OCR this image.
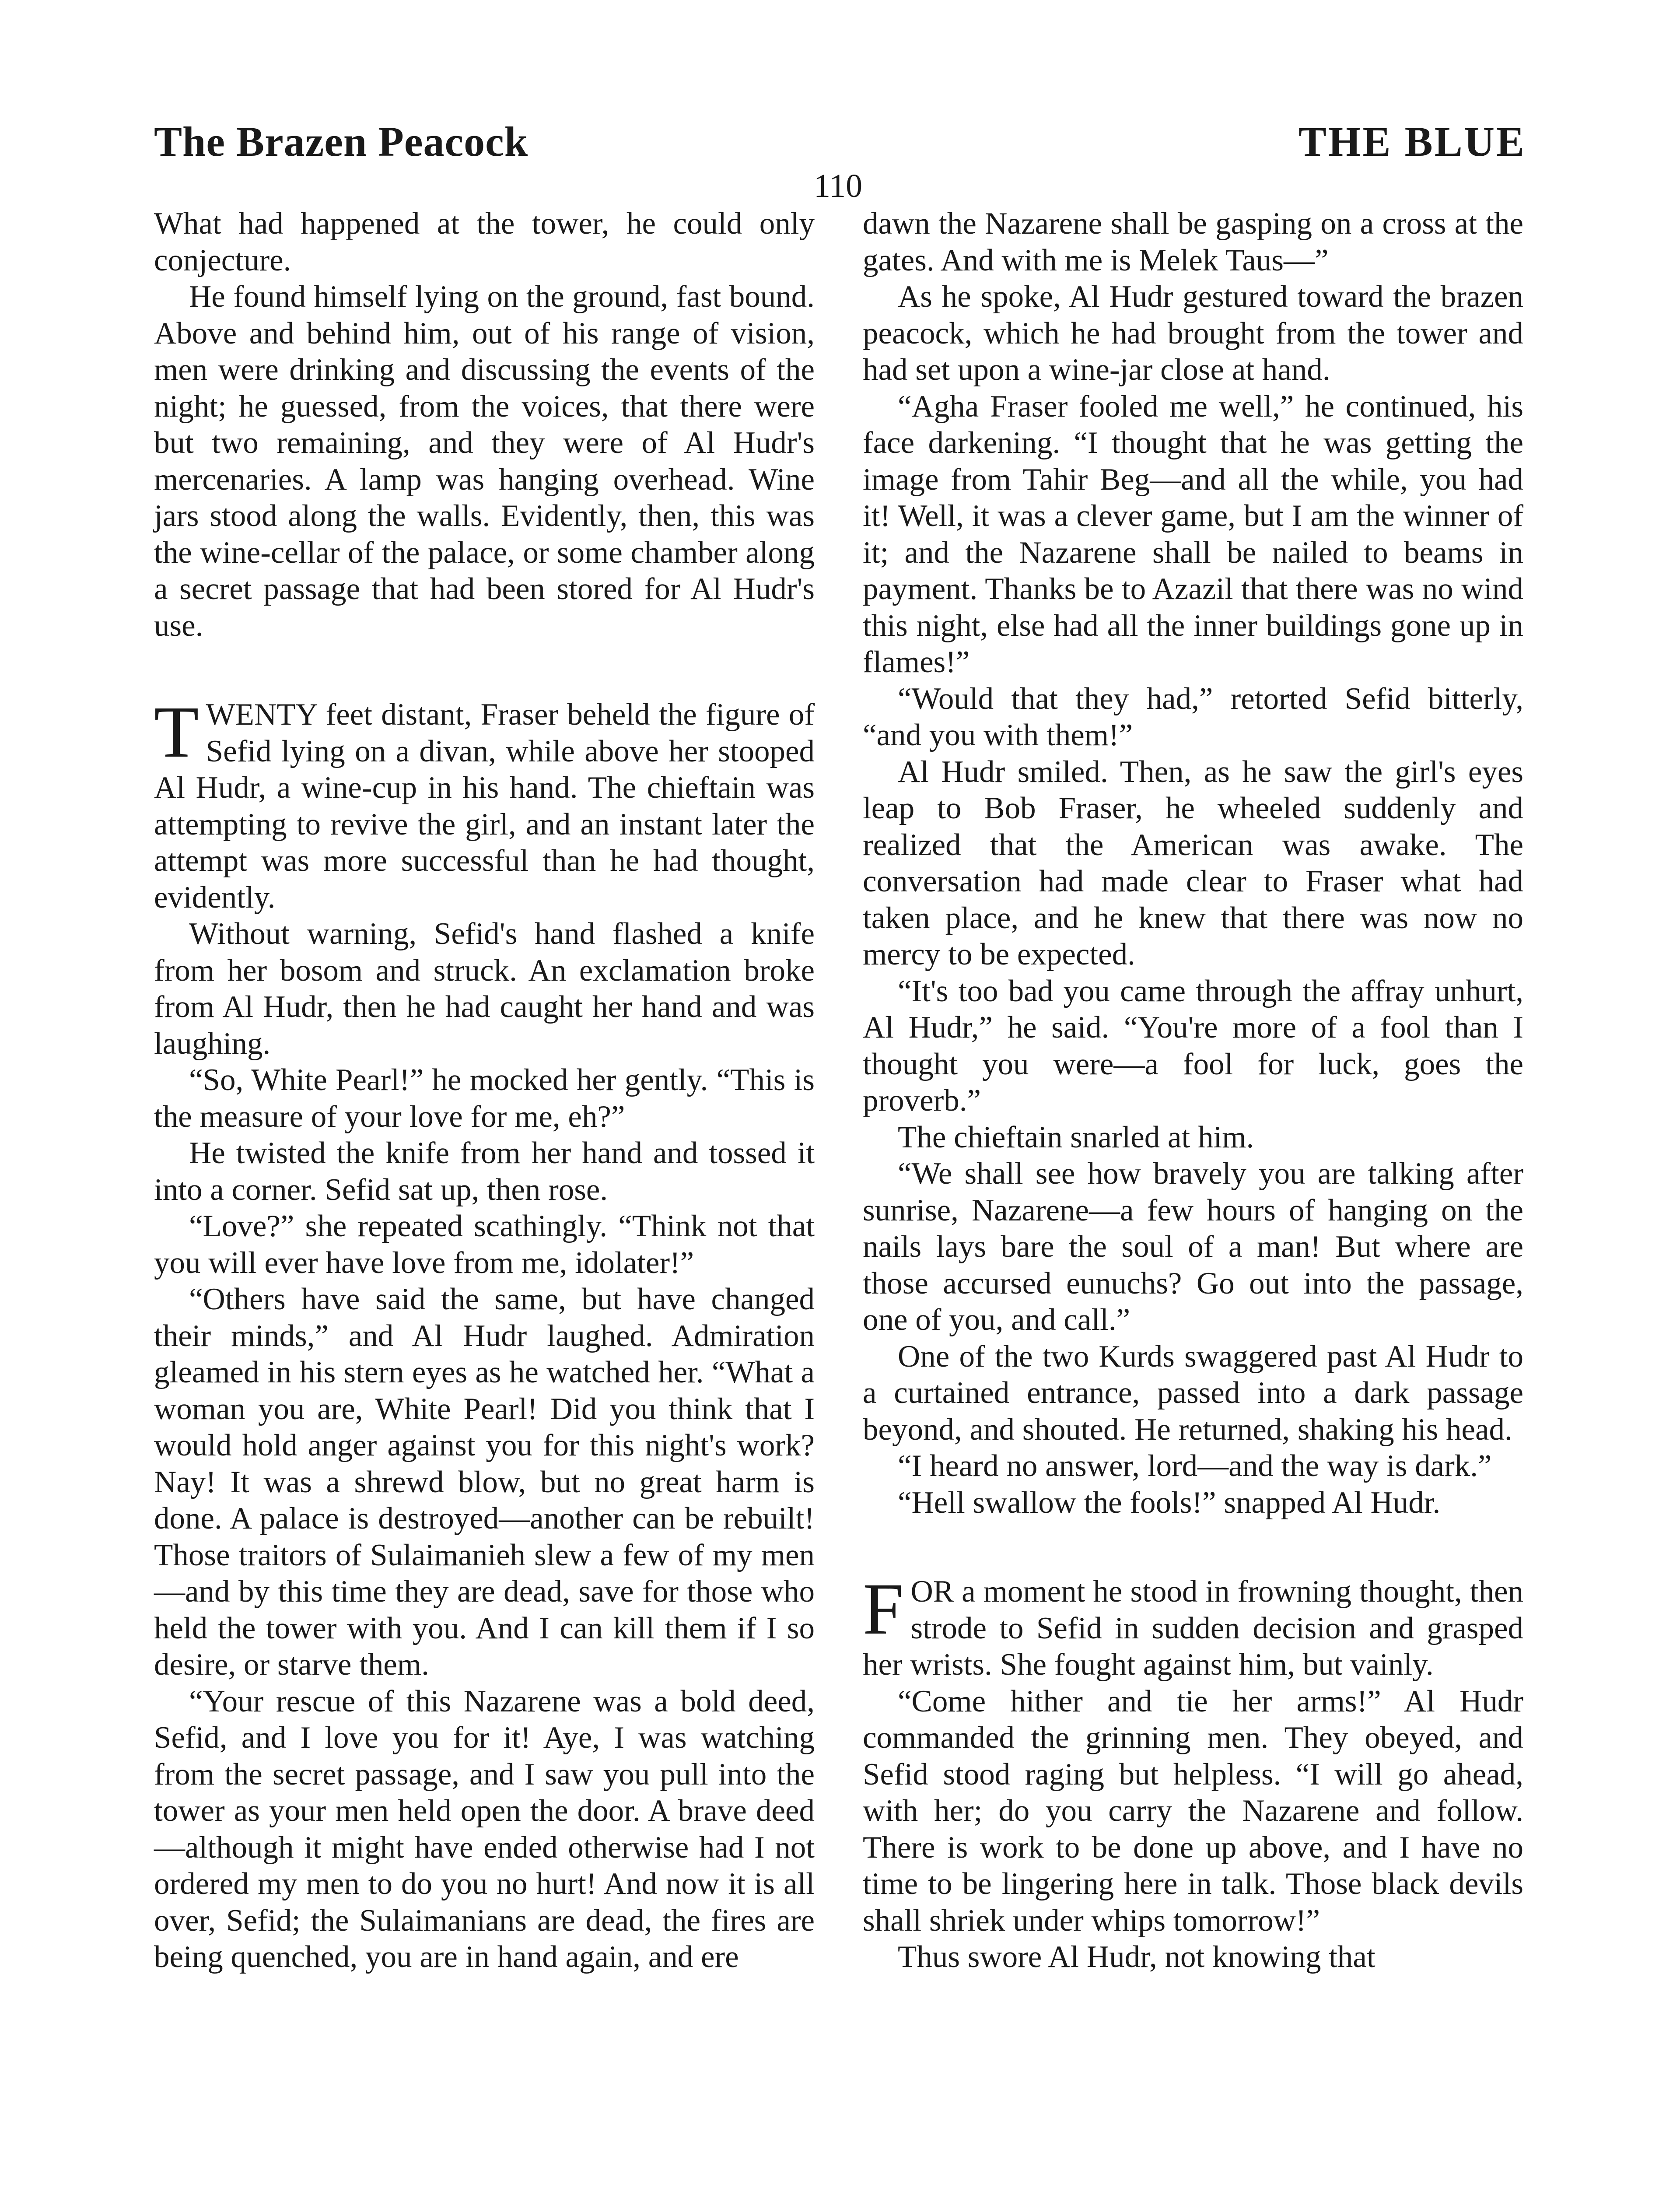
The Brazen Peacock	THE BLUE
110

What had happened at the tower, he could only conjecture.

He found himself lying on the ground, fast bound. Above and behind him, out of his range of vision, men were drinking and discussing the events of the night; he guessed, from the voices, that there were but two remaining, and they were of Al Hudr's mercenaries. A lamp was hanging overhead. Wine jars stood along the walls. Evidently, then, this was the wine-cellar of the palace, or some chamber along a secret passage that had been stored for Al Hudr's use.

TWENTY feet distant, Fraser beheld the figure of Sefid lying on a divan, while above her stooped Al Hudr, a wine-cup in his hand. The chieftain was attempting to revive the girl, and an instant later the attempt was more successful than he had thought, evidently.

Without warning, Sefid's hand flashed a knife from her bosom and struck. An exclamation broke from Al Hudr, then he had caught her hand and was laughing.

“So, White Pearl!” he mocked her gently. “This is the measure of your love for me, eh?”

He twisted the knife from her hand and tossed it into a corner. Sefid sat up, then rose.

“Love?” she repeated scathingly. “Think not that you will ever have love from me, idolater!”

“Others have said the same, but have changed their minds,” and Al Hudr laughed. Admiration gleamed in his stern eyes as he watched her. “What a woman you are, White Pearl! Did you think that I would hold anger against you for this night's work? Nay! It was a shrewd blow, but no great harm is done. A palace is destroyed—another can be rebuilt! Those traitors of Sulaimanieh slew a few of my men—and by this time they are dead, save for those who held the tower with you. And I can kill them if I so desire, or starve them.

“Your rescue of this Nazarene was a bold deed, Sefid, and I love you for it! Aye, I was watching from the secret passage, and I saw you pull into the tower as your men held open the door. A brave deed—although it might have ended otherwise had I not ordered my men to do you no hurt! And now it is all over, Sefid; the Sulaimanians are dead, the fires are being quenched, you are in hand again, and ere

dawn the Nazarene shall be gasping on a cross at the gates. And with me is Melek Taus—”

As he spoke, Al Hudr gestured toward the brazen peacock, which he had brought from the tower and had set upon a wine-jar close at hand.

“Agha Fraser fooled me well,” he continued, his face darkening. “I thought that he was getting the image from Tahir Beg—and all the while, you had it! Well, it was a clever game, but I am the winner of it; and the Nazarene shall be nailed to beams in payment. Thanks be to Azazil that there was no wind this night, else had all the inner buildings gone up in flames!”

“Would that they had,” retorted Sefid bitterly, “and you with them!”

Al Hudr smiled. Then, as he saw the girl's eyes leap to Bob Fraser, he wheeled suddenly and realized that the American was awake. The conversation had made clear to Fraser what had taken place, and he knew that there was now no mercy to be expected.

“It's too bad you came through the affray unhurt, Al Hudr,” he said. “You're more of a fool than I thought you were—a fool for luck, goes the proverb.”

The chieftain snarled at him.

“We shall see how bravely you are talking after sunrise, Nazarene—a few hours of hanging on the nails lays bare the soul of a man! But where are those accursed eunuchs? Go out into the passage, one of you, and call.”

One of the two Kurds swaggered past Al Hudr to a curtained entrance, passed into a dark passage beyond, and shouted. He returned, shaking his head.

“I heard no answer, lord—and the way is dark.”

“Hell swallow the fools!” snapped Al Hudr.

FOR a moment he stood in frowning thought, then strode to Sefid in sudden decision and grasped her wrists. She fought against him, but vainly.

“Come hither and tie her arms!” Al Hudr commanded the grinning men. They obeyed, and Sefid stood raging but helpless. “I will go ahead, with her; do you carry the Nazarene and follow. There is work to be done up above, and I have no time to be lingering here in talk. Those black devils shall shriek under whips tomorrow!”

Thus swore Al Hudr, not knowing that
